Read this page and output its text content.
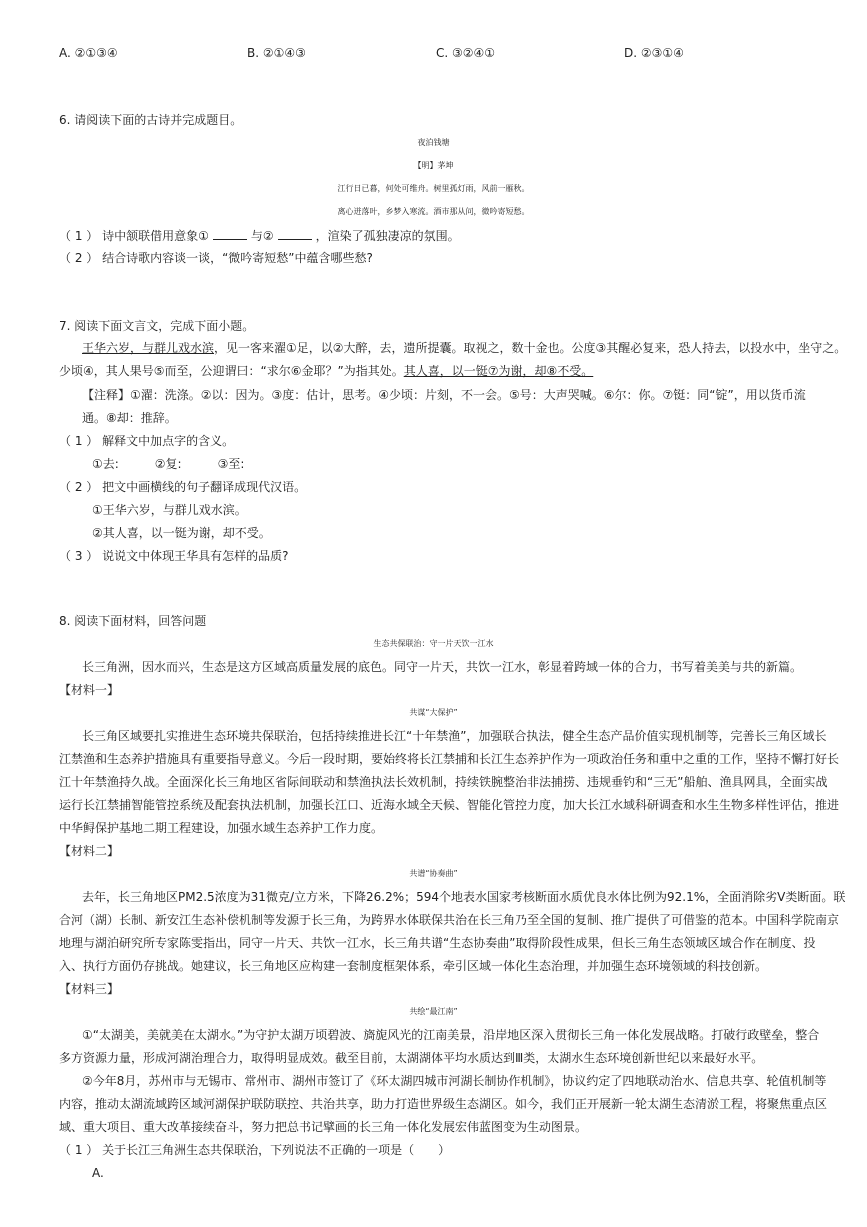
A. ②①③④	B. ②①④③	C. ③②④①	D. ②③①④
6. 请阅读下面的古诗并完成题目。
夜泊钱塘
【明】茅坤
江行日已暮，何处可维舟。树里孤灯雨，风前一雁秋。
离心迸落叶，乡梦入寒流。酒市那从问，微吟寄短愁。
（ 1 ） 诗中颔联借用意象①	与②	，渲染了孤独凄凉的氛围。
（ 2 ） 结合诗歌内容谈一谈，“微吟寄短愁”中蕴含哪些愁?
7. 阅读下面文言文，完成下面小题。
王华六岁，与群儿戏水滨，见一客来濯①足，以②大醉，去，遗所提囊。取视之，数十金也。公度③其醒必复来，恐人持去，以投水中，坐守之。
少顷④，其人果号⑤而至，公迎谓曰：“求尔⑥金耶？”为指其处。其人喜，以一铤⑦为谢，却⑧不受。
【注释】①濯：洗涤。②以：因为。③度：估计，思考。④少顷：片刻，不一会。⑤号：大声哭喊。⑥尔：你。⑦铤：同“锭”，用以货币流
通。⑧却：推辞。
（ 1 ） 解释文中加点字的含义。
①去:　　　②复:　　　③至:
（ 2 ） 把文中画横线的句子翻译成现代汉语。
①王华六岁，与群儿戏水滨。
②其人喜，以一铤为谢，却不受。
（ 3 ） 说说文中体现王华具有怎样的品质?
8. 阅读下面材料，回答问题
生态共保联治：守一片天饮一江水
长三角洲，因水而兴，生态是这方区域高质量发展的底色。同守一片天，共饮一江水，彰显着跨域一体的合力，书写着美美与共的新篇。
【材料一】
共谋“大保护”
长三角区域要扎实推进生态环境共保联治，包括持续推进长江“十年禁渔”，加强联合执法，健全生态产品价值实现机制等，完善长三角区域长
江禁渔和生态养护措施具有重要指导意义。今后一段时期，要始终将长江禁捕和长江生态养护作为一项政治任务和重中之重的工作，坚持不懈打好长
江十年禁渔持久战。全面深化长三角地区省际间联动和禁渔执法长效机制，持续铁腕整治非法捕捞、违规垂钓和“三无”船舶、渔具网具，全面实战
运行长江禁捕智能管控系统及配套执法机制，加强长江口、近海水域全天候、智能化管控力度，加大长江水域科研调查和水生生物多样性评估，推进
中华鲟保护基地二期工程建设，加强水域生态养护工作力度。
【材料二】
共谱“协奏曲”
去年，长三角地区PM2.5浓度为31微克/立方米，下降26.2%；594个地表水国家考核断面水质优良水体比例为92.1%，全面消除劣V类断面。联
合河（湖）长制、新安江生态补偿机制等发源于长三角，为跨界水体联保共治在长三角乃至全国的复制、推广提供了可借鉴的范本。中国科学院南京
地理与湖泊研究所专家陈雯指出，同守一片天、共饮一江水，长三角共谱“生态协奏曲”取得阶段性成果，但长三角生态领域区域合作在制度、投
入、执行方面仍存挑战。她建议，长三角地区应构建一套制度框架体系，牵引区域一体化生态治理，并加强生态环境领域的科技创新。
【材料三】
共绘“最江南”
①“太湖美，美就美在太湖水。”为守护太湖万顷碧波、旖旎风光的江南美景，沿岸地区深入贯彻长三角一体化发展战略。打破行政壁垒，整合
多方资源力量，形成河湖治理合力，取得明显成效。截至目前，太湖湖体平均水质达到Ⅲ类，太湖水生态环境创新世纪以来最好水平。
②今年8月，苏州市与无锡市、常州市、湖州市签订了《环太湖四城市河湖长制协作机制》，协议约定了四地联动治水、信息共享、轮值机制等
内容，推动太湖流域跨区域河湖保护联防联控、共治共享，助力打造世界级生态湖区。如今，我们正开展新一轮太湖生态清淤工程，将聚焦重点区
域、重大项目、重大改革接续奋斗，努力把总书记擘画的长三角一体化发展宏伟蓝图变为生动图景。
（ 1 ） 关于长江三角洲生态共保联治，下列说法不正确的一项是（　　）
A.
